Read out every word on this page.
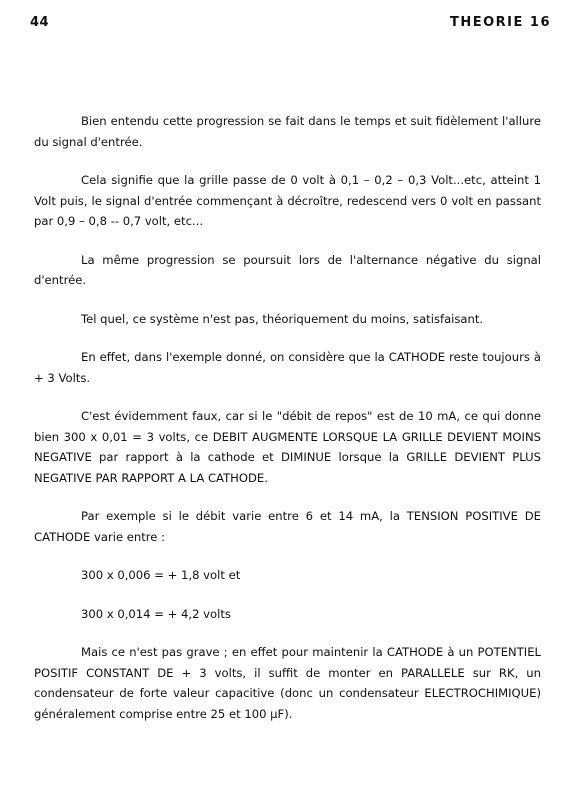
44	THEORIE 16

Bien entendu cette progression se fait dans le temps et suit fidèlement l'allure du signal d'entrée.

Cela signifie que la grille passe de 0 volt à 0,1 – 0,2 – 0,3 Volt...etc, atteint 1 Volt puis, le signal d'entrée commençant à décroître, redescend vers 0 volt en passant par 0,9 – 0,8 -- 0,7 volt, etc...

La même progression se poursuit lors de l'alternance négative du signal d'entrée.

Tel quel, ce système n'est pas, théoriquement du moins, satisfaisant.

En effet, dans l'exemple donné, on considère que la CATHODE reste toujours à + 3 Volts.

C'est évidemment faux, car si le "débit de repos" est de 10 mA, ce qui donne bien 300 x 0,01 = 3 volts, ce DEBIT AUGMENTE LORSQUE LA GRILLE DEVIENT MOINS NEGATIVE par rapport à la cathode et DIMINUE lorsque la GRILLE DEVIENT PLUS NEGATIVE PAR RAPPORT A LA CATHODE.

Par exemple si le débit varie entre 6 et 14 mA, la TENSION POSITIVE DE CATHODE varie entre :

300 x 0,006 = + 1,8 volt et

300 x 0,014 = + 4,2 volts

Mais ce n'est pas grave ; en effet pour maintenir la CATHODE à un POTENTIEL POSITIF CONSTANT DE + 3 volts, il suffit de monter en PARALLELE sur RK, un condensateur de forte valeur capacitive (donc un condensateur ELECTROCHIMIQUE) généralement comprise entre 25 et 100 µF).
